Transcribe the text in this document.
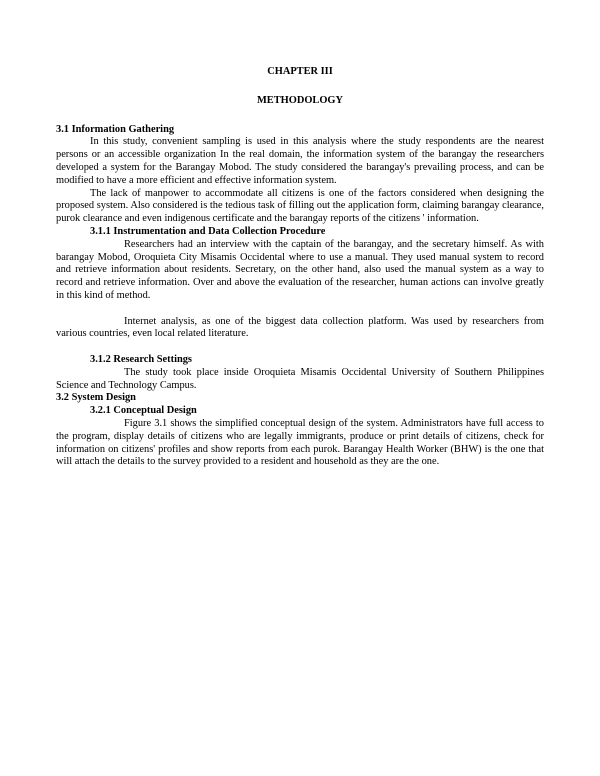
CHAPTER III
METHODOLOGY
3.1 Information Gathering

In this study, convenient sampling is used in this analysis where the study respondents are the nearest persons or an accessible organization In the real domain, the information system of the barangay the researchers developed a system for the Barangay Mobod. The study considered the barangay's prevailing process, and can be modified to have a more efficient and effective information system.

The lack of manpower to accommodate all citizens is one of the factors considered when designing the proposed system. Also considered is the tedious task of filling out the application form, claiming barangay clearance, purok clearance and even indigenous certificate and the barangay reports of the citizens ' information.

3.1.1 Instrumentation and Data Collection Procedure

Researchers had an interview with the captain of the barangay, and the secretary himself. As with barangay Mobod, Oroquieta City Misamis Occidental where to use a manual. They used manual system to record and retrieve information about residents. Secretary, on the other hand, also used the manual system as a way to record and retrieve information. Over and above the evaluation of the researcher, human actions can involve greatly in this kind of method.

Internet analysis, as one of the biggest data collection platform. Was used by researchers from various countries, even local related literature.

3.1.2 Research Settings

The study took place inside Oroquieta Misamis Occidental University of Southern Philippines Science and Technology Campus.

3.2 System Design
3.2.1 Conceptual Design

Figure 3.1 shows the simplified conceptual design of the system. Administrators have full access to the program, display details of citizens who are legally immigrants, produce or print details of citizens, check for information on citizens' profiles and show reports from each purok. Barangay Health Worker (BHW) is the one that will attach the details to the survey provided to a resident and household as they are the one.
